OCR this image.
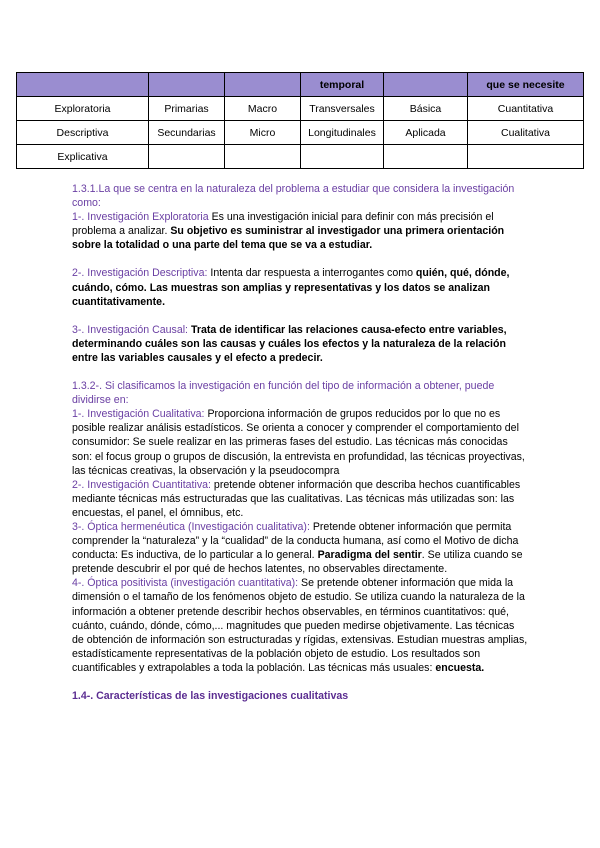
			temporal		que se necesite
Exploratoria	Primarias	Macro	Transversales	Básica	Cuantitativa
Descriptiva	Secundarias	Micro	Longitudinales	Aplicada	Cualitativa
Explicativa					

1.3.1.La que se centra en la naturaleza del problema a estudiar que considera la investigación como:

1-. Investigación Exploratoria Es una investigación inicial para definir con más precisión el problema a analizar. Su objetivo es suministrar al investigador una primera orientación sobre la totalidad o una parte del tema que se va a estudiar.

2-. Investigación Descriptiva: Intenta dar respuesta a interrogantes como quién, qué, dónde, cuándo, cómo. Las muestras son amplias y representativas y los datos se analizan cuantitativamente.

3-. Investigación Causal: Trata de identificar las relaciones causa-efecto entre variables, determinando cuáles son las causas y cuáles los efectos y la naturaleza de la relación entre las variables causales y el efecto a predecir.

1.3.2-. Si clasificamos la investigación en función del tipo de información a obtener, puede dividirse en:

1-. Investigación Cualitativa: Proporciona información de grupos reducidos por lo que no es posible realizar análisis estadísticos. Se orienta a conocer y comprender el comportamiento del consumidor: Se suele realizar en las primeras fases del estudio. Las técnicas más conocidas son: el focus group o grupos de discusión, la entrevista en profundidad, las técnicas proyectivas, las técnicas creativas, la observación y la pseudocompra

2-. Investigación Cuantitativa: pretende obtener información que describa hechos cuantificables mediante técnicas más estructuradas que las cualitativas. Las técnicas más utilizadas son: las encuestas, el panel, el ómnibus, etc.

3-. Óptica hermenéutica (Investigación cualitativa): Pretende obtener información que permita comprender la “naturaleza” y la “cualidad” de la conducta humana, así como el Motivo de dicha conducta: Es inductiva, de lo particular a lo general. Paradigma del sentir. Se utiliza cuando se pretende descubrir el por qué de hechos latentes, no observables directamente.

4-. Óptica positivista (investigación cuantitativa): Se pretende obtener información que mida la dimensión o el tamaño de los fenómenos objeto de estudio. Se utiliza cuando la naturaleza de la información a obtener pretende describir hechos observables, en términos cuantitativos: qué, cuánto, cuándo, dónde, cómo,... magnitudes que pueden medirse objetivamente. Las técnicas de obtención de información son estructuradas y rígidas, extensivas. Estudian muestras amplias, estadísticamente representativas de la población objeto de estudio. Los resultados son cuantificables y extrapolables a toda la población. Las técnicas más usuales: encuesta.

1.4-. Características de las investigaciones cualitativas
